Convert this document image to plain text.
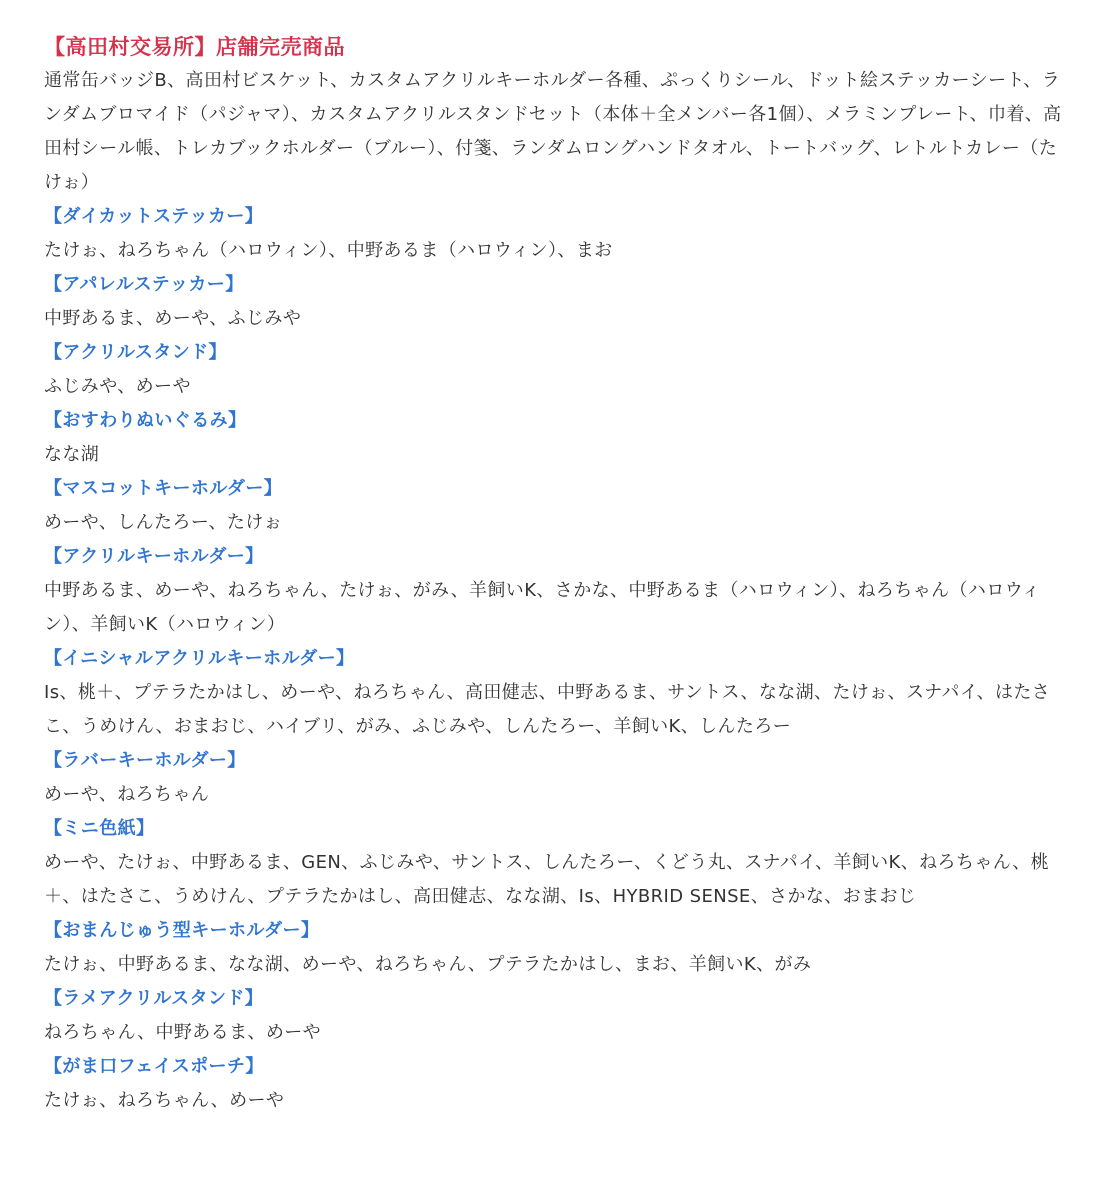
【高田村交易所】店舗完売商品
通常缶バッジB、高田村ビスケット、カスタムアクリルキーホルダー各種、ぷっくりシール、ドット絵ステッカーシート、ランダムブロマイド（パジャマ）、カスタムアクリルスタンドセット（本体＋全メンバー各1個）、メラミンプレート、巾着、高田村シール帳、トレカブックホルダー（ブルー）、付箋、ランダムロングハンドタオル、トートバッグ、レトルトカレー（たけぉ）
【ダイカットステッカー】
たけぉ、ねろちゃん（ハロウィン）、中野あるま（ハロウィン）、まお
【アパレルステッカー】
中野あるま、めーや、ふじみや
【アクリルスタンド】
ふじみや、めーや
【おすわりぬいぐるみ】
なな湖
【マスコットキーホルダー】
めーや、しんたろー、たけぉ
【アクリルキーホルダー】
中野あるま、めーや、ねろちゃん、たけぉ、がみ、羊飼いK、さかな、中野あるま（ハロウィン）、ねろちゃん（ハロウィン）、羊飼いK（ハロウィン）
【イニシャルアクリルキーホルダー】
Is、桃＋、プテラたかはし、めーや、ねろちゃん、高田健志、中野あるま、サントス、なな湖、たけぉ、スナパイ、はたさこ、うめけん、おまおじ、ハイブリ、がみ、ふじみや、しんたろー、羊飼いK、しんたろー
【ラバーキーホルダー】
めーや、ねろちゃん
【ミニ色紙】
めーや、たけぉ、中野あるま、GEN、ふじみや、サントス、しんたろー、くどう丸、スナパイ、羊飼いK、ねろちゃん、桃＋、はたさこ、うめけん、プテラたかはし、高田健志、なな湖、Is、HYBRID SENSE、さかな、おまおじ
【おまんじゅう型キーホルダー】
たけぉ、中野あるま、なな湖、めーや、ねろちゃん、プテラたかはし、まお、羊飼いK、がみ
【ラメアクリルスタンド】
ねろちゃん、中野あるま、めーや
【がま口フェイスポーチ】
たけぉ、ねろちゃん、めーや
